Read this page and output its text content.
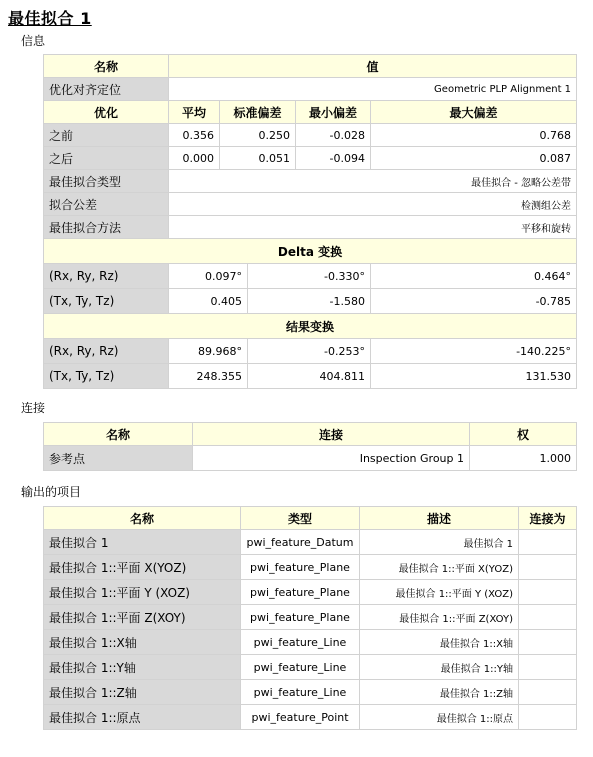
最佳拟合 1
信息
名称	值				
优化对齐定位	Geometric PLP Alignment 1				
优化	平均	标准偏差		最小偏差	最大偏差
之前	0.356	0.250		-0.028	0.768
之后	0.000	0.051		-0.094	0.087
最佳拟合类型	最佳拟合 - 忽略公差带				
拟合公差	检测组公差				
最佳拟合方法	平移和旋转				
Delta 变换					
(Rx, Ry, Rz)	0.097°		-0.330°		0.464°
(Tx, Ty, Tz)	0.405		-1.580		-0.785
结果变换					
(Rx, Ry, Rz)	89.968°		-0.253°		-140.225°
(Tx, Ty, Tz)	248.355		404.811		131.530
连接
名称	连接	权
参考点	Inspection Group 1	1.000
输出的项目
名称	类型	描述	连接为
最佳拟合 1	pwi_feature_Datum	最佳拟合 1	
最佳拟合 1::平面 X(YOZ)	pwi_feature_Plane	最佳拟合 1::平面 X(YOZ)	
最佳拟合 1::平面 Y (XOZ)	pwi_feature_Plane	最佳拟合 1::平面 Y (XOZ)	
最佳拟合 1::平面 Z(XOY)	pwi_feature_Plane	最佳拟合 1::平面 Z(XOY)	
最佳拟合 1::X轴	pwi_feature_Line	最佳拟合 1::X轴	
最佳拟合 1::Y轴	pwi_feature_Line	最佳拟合 1::Y轴	
最佳拟合 1::Z轴	pwi_feature_Line	最佳拟合 1::Z轴	
最佳拟合 1::原点	pwi_feature_Point	最佳拟合 1::原点	
